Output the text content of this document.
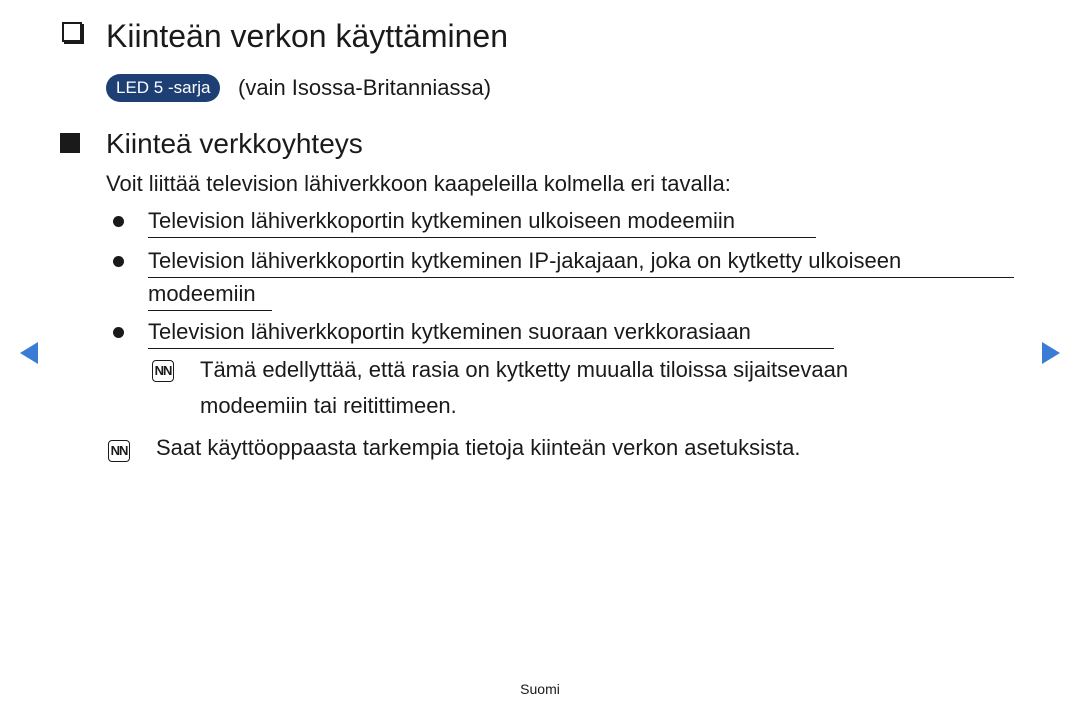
Kiinteän verkon käyttäminen
LED 5 -sarja	(vain Isossa-Britanniassa)
Kiinteä verkkoyhteys
Voit liittää television lähiverkkoon kaapeleilla kolmella eri tavalla:
Television lähiverkkoportin kytkeminen ulkoiseen modeemiin
Television lähiverkkoportin kytkeminen IP-jakajaan, joka on kytketty ulkoiseen
modeemiin
Television lähiverkkoportin kytkeminen suoraan verkkorasiaan
NN Tämä edellyttää, että rasia on kytketty muualla tiloissa sijaitsevaan
modeemiin tai reitittimeen.
NN Saat käyttöoppaasta tarkempia tietoja kiinteän verkon asetuksista.
Suomi
